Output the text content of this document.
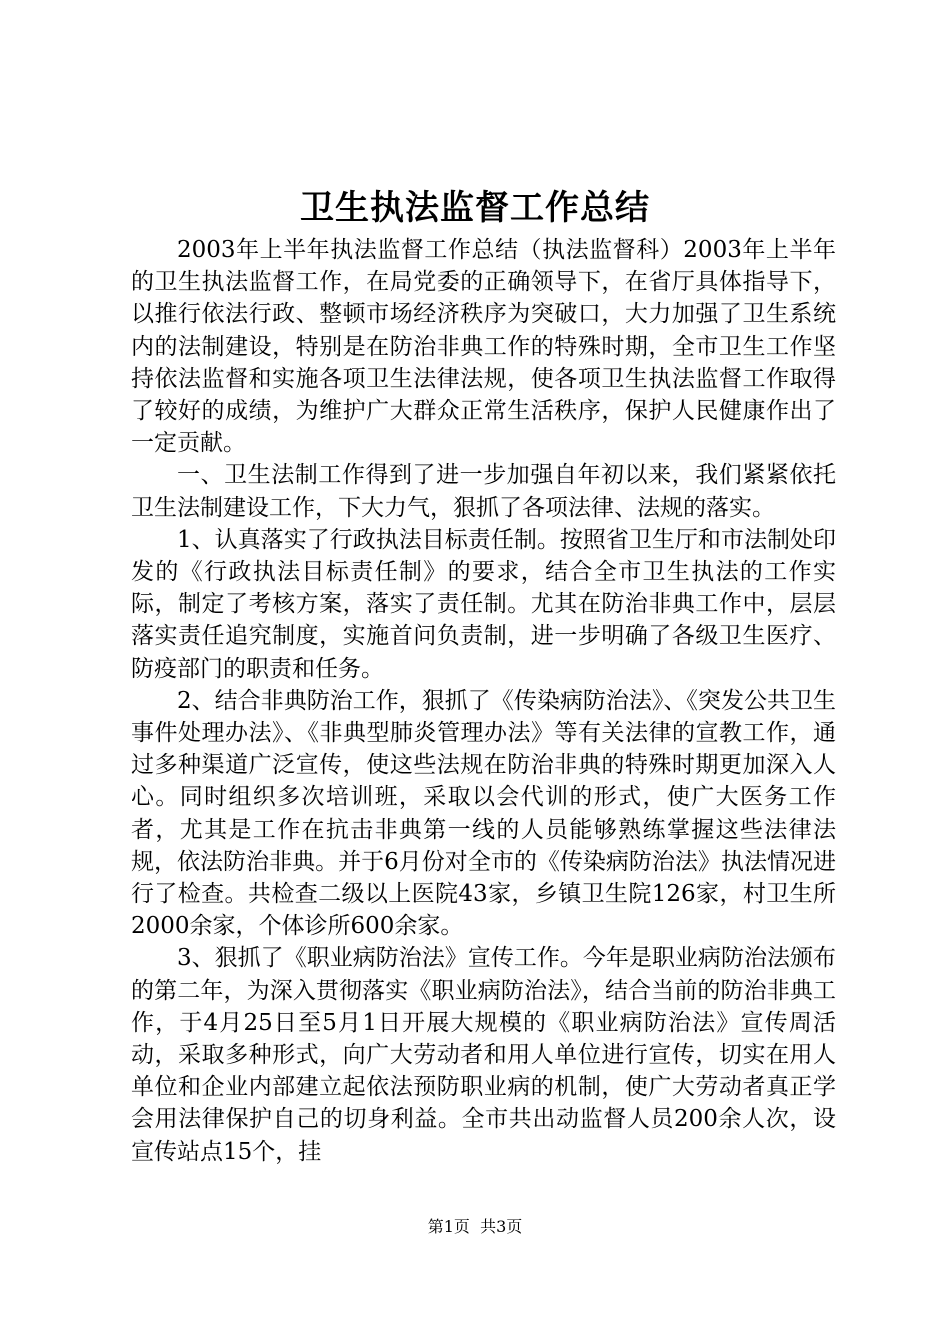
卫生执法监督工作总结

2003年上半年执法监督工作总结（执法监督科）2003年上半年的卫生执法监督工作，在局党委的正确领导下，在省厅具体指导下，以推行依法行政、整顿市场经济秩序为突破口，大力加强了卫生系统内的法制建设，特别是在防治非典工作的特殊时期，全市卫生工作坚持依法监督和实施各项卫生法律法规，使各项卫生执法监督工作取得了较好的成绩，为维护广大群众正常生活秩序，保护人民健康作出了一定贡献。

一、卫生法制工作得到了进一步加强自年初以来，我们紧紧依托卫生法制建设工作，下大力气，狠抓了各项法律、法规的落实。

1、认真落实了行政执法目标责任制。按照省卫生厅和市法制处印发的《行政执法目标责任制》的要求，结合全市卫生执法的工作实际，制定了考核方案，落实了责任制。尤其在防治非典工作中，层层落实责任追究制度，实施首问负责制，进一步明确了各级卫生医疗、防疫部门的职责和任务。

2、结合非典防治工作，狠抓了《传染病防治法》、《突发公共卫生事件处理办法》、《非典型肺炎管理办法》等有关法律的宣教工作，通过多种渠道广泛宣传，使这些法规在防治非典的特殊时期更加深入人心。同时组织多次培训班，采取以会代训的形式，使广大医务工作者，尤其是工作在抗击非典第一线的人员能够熟练掌握这些法律法规，依法防治非典。并于6月份对全市的《传染病防治法》执法情况进行了检查。共检查二级以上医院43家，乡镇卫生院126家，村卫生所2000余家，个体诊所600余家。

3、狠抓了《职业病防治法》宣传工作。今年是职业病防治法颁布的第二年，为深入贯彻落实《职业病防治法》，结合当前的防治非典工作，于4月25日至5月1日开展大规模的《职业病防治法》宣传周活动，采取多种形式，向广大劳动者和用人单位进行宣传，切实在用人单位和企业内部建立起依法预防职业病的机制，使广大劳动者真正学会用法律保护自己的切身利益。全市共出动监督人员200余人次，设宣传站点15个，挂

第1页  共3页
